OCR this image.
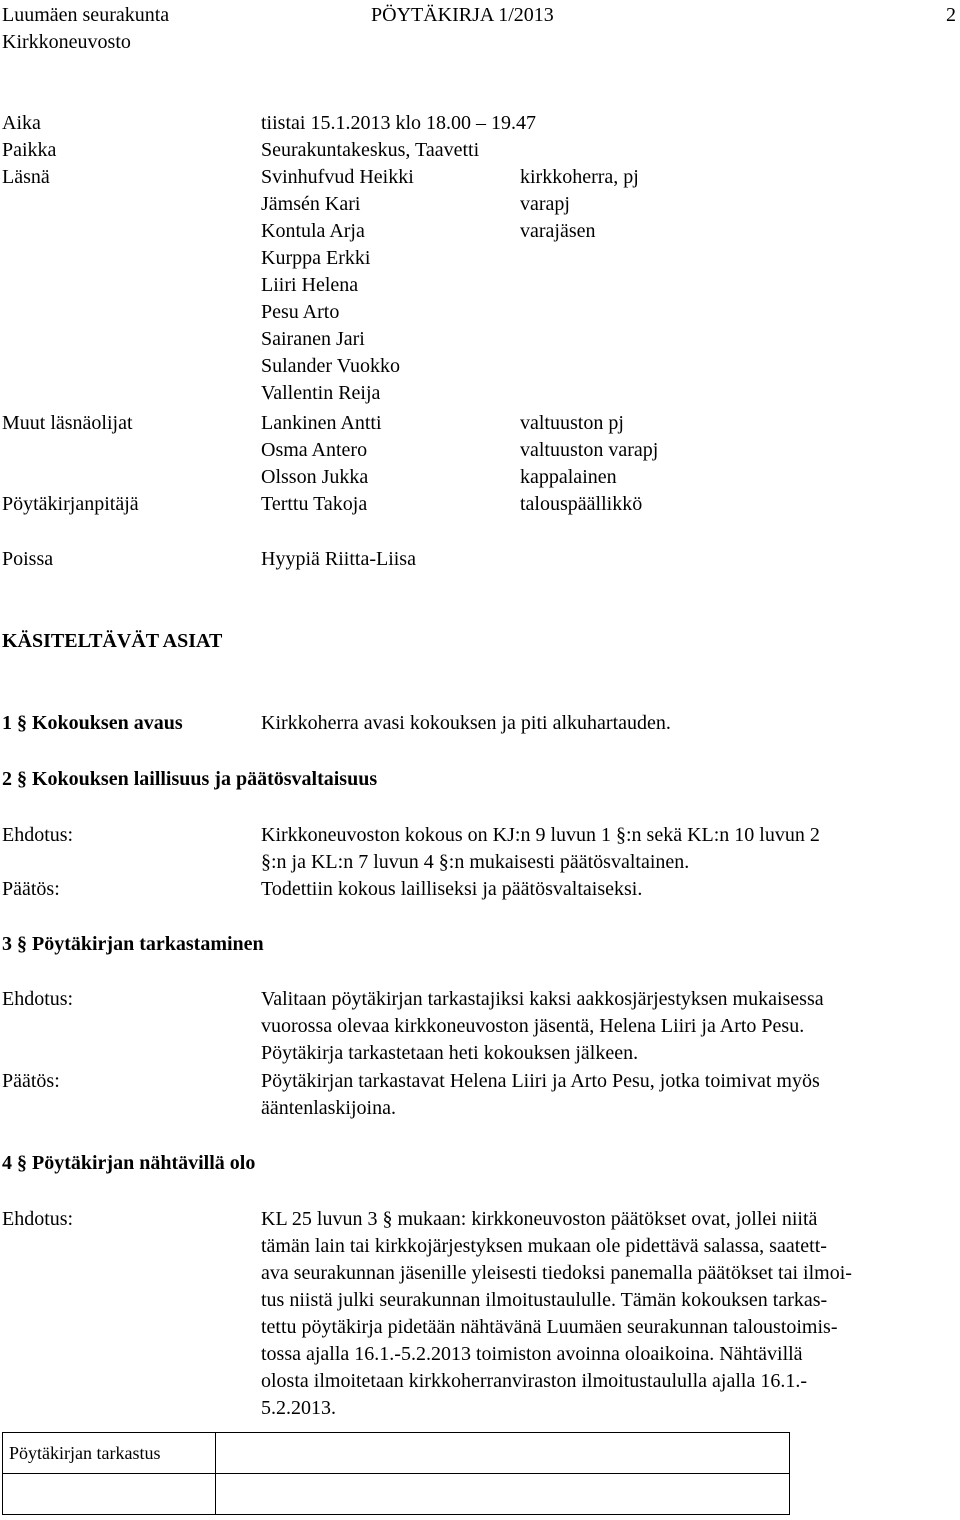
Luumäen seurakunta
Kirkkoneuvosto
PÖYTÄKIRJA 1/2013	2
Aika	tiistai 15.1.2013 klo 18.00 – 19.47
Paikka	Seurakuntakeskus, Taavetti
Läsnä	Svinhufvud Heikki	kirkkoherra, pj
Jämsén Kari	varapj
Kontula Arja	varajäsen
Kurppa Erkki
Liiri Helena
Pesu Arto
Sairanen Jari
Sulander Vuokko
Vallentin Reija
Muut läsnäolijat	Lankinen Antti	valtuuston pj
Osma Antero	valtuuston varapj
Olsson Jukka	kappalainen
Pöytäkirjanpitäjä	Terttu Takoja	talouspäällikkö
Poissa	Hyypiä Riitta-Liisa
KÄSITELTÄVÄT ASIAT
1 § Kokouksen avaus	Kirkkoherra avasi kokouksen ja piti alkuhartauden.
2 § Kokouksen laillisuus ja päätösvaltaisuus
Ehdotus:	Kirkkoneuvoston kokous on KJ:n 9 luvun 1 §:n sekä KL:n 10 luvun 2
§:n ja KL:n 7 luvun 4 §:n mukaisesti päätösvaltainen.
Päätös:	Todettiin kokous lailliseksi ja päätösvaltaiseksi.
3 § Pöytäkirjan tarkastaminen
Ehdotus:	Valitaan pöytäkirjan tarkastajiksi kaksi aakkosjärjestyksen mukaisessa
vuorossa olevaa kirkkoneuvoston jäsentä, Helena Liiri ja Arto Pesu.
Pöytäkirja tarkastetaan heti kokouksen jälkeen.
Päätös:	Pöytäkirjan tarkastavat Helena Liiri ja Arto Pesu, jotka toimivat myös
ääntenlaskijoina.
4 § Pöytäkirjan nähtävillä olo
Ehdotus:	KL 25 luvun 3 § mukaan: kirkkoneuvoston päätökset ovat, jollei niitä
tämän lain tai kirkkojärjestyksen mukaan ole pidettävä salassa, saatett-
ava seurakunnan jäsenille yleisesti tiedoksi panemalla päätökset tai ilmoi-
tus niistä julki seurakunnan ilmoitustaululle. Tämän kokouksen tarkas-
tettu pöytäkirja pidetään nähtävänä Luumäen seurakunnan taloustoimis-
tossa ajalla 16.1.-5.2.2013 toimiston avoinna oloaikoina. Nähtävillä
olosta ilmoitetaan kirkkoherranviraston ilmoitustaululla ajalla 16.1.-
5.2.2013.
Pöytäkirjan tarkastus	
